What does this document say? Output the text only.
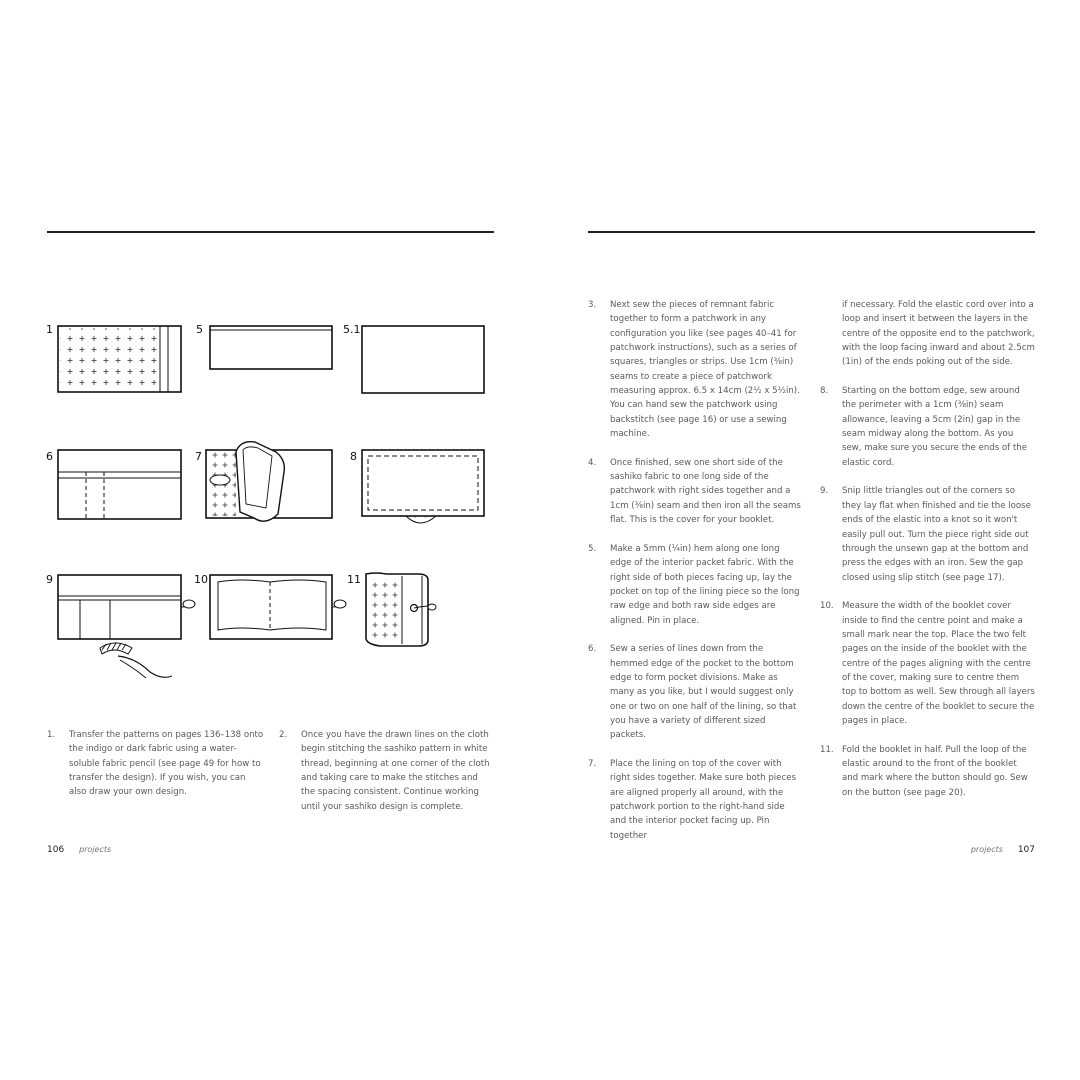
1	5	5.1
6	7	8
9	10	11
1.	Transfer the patterns on pages 136–138 onto the indigo or dark fabric using a water-soluble fabric pencil (see page 49 for how to transfer the design). If you wish, you can also draw your own design.
2.	Once you have the drawn lines on the cloth begin stitching the sashiko pattern in white thread, beginning at one corner of the cloth and taking care to make the stitches and the spacing consistent. Continue working until your sashiko design is complete.
3.	Next sew the pieces of remnant fabric together to form a patchwork in any configuration you like (see pages 40–41 for patchwork instructions), such as a series of squares, triangles or strips. Use 1cm (⅜in) seams to create a piece of patchwork measuring approx. 6.5 x 14cm (2½ x 5½in). You can hand sew the patchwork using backstitch (see page 16) or use a sewing machine.
4.	Once finished, sew one short side of the sashiko fabric to one long side of the patchwork with right sides together and a 1cm (⅜in) seam and then iron all the seams flat. This is the cover for your booklet.
5.	Make a 5mm (¼in) hem along one long edge of the interior packet fabric. With the right side of both pieces facing up, lay the pocket on top of the lining piece so the long raw edge and both raw side edges are aligned. Pin in place.
6.	Sew a series of lines down from the hemmed edge of the pocket to the bottom edge to form pocket divisions. Make as many as you like, but I would suggest only one or two on one half of the lining, so that you have a variety of different sized packets.
7.	Place the lining on top of the cover with right sides together. Make sure both pieces are aligned properly all around, with the patchwork portion to the right-hand side and the interior pocket facing up. Pin together
if necessary. Fold the elastic cord over into a loop and insert it between the layers in the centre of the opposite end to the patchwork, with the loop facing inward and about 2.5cm (1in) of the ends poking out of the side.
8.	Starting on the bottom edge, sew around the perimeter with a 1cm (⅜in) seam allowance, leaving a 5cm (2in) gap in the seam midway along the bottom. As you sew, make sure you secure the ends of the elastic cord.
9.	Snip little triangles out of the corners so they lay flat when finished and tie the loose ends of the elastic into a knot so it won't easily pull out. Turn the piece right side out through the unsewn gap at the bottom and press the edges with an iron. Sew the gap closed using slip stitch (see page 17).
10. Measure the width of the booklet cover inside to find the centre point and make a small mark near the top. Place the two felt pages on the inside of the booklet with the centre of the pages aligning with the centre of the cover, making sure to centre them top to bottom as well. Sew through all layers down the centre of the booklet to secure the pages in place.
11. Fold the booklet in half. Pull the loop of the elastic around to the front of the booklet and mark where the button should go. Sew on the button (see page 20).
106 projects	projects 107
